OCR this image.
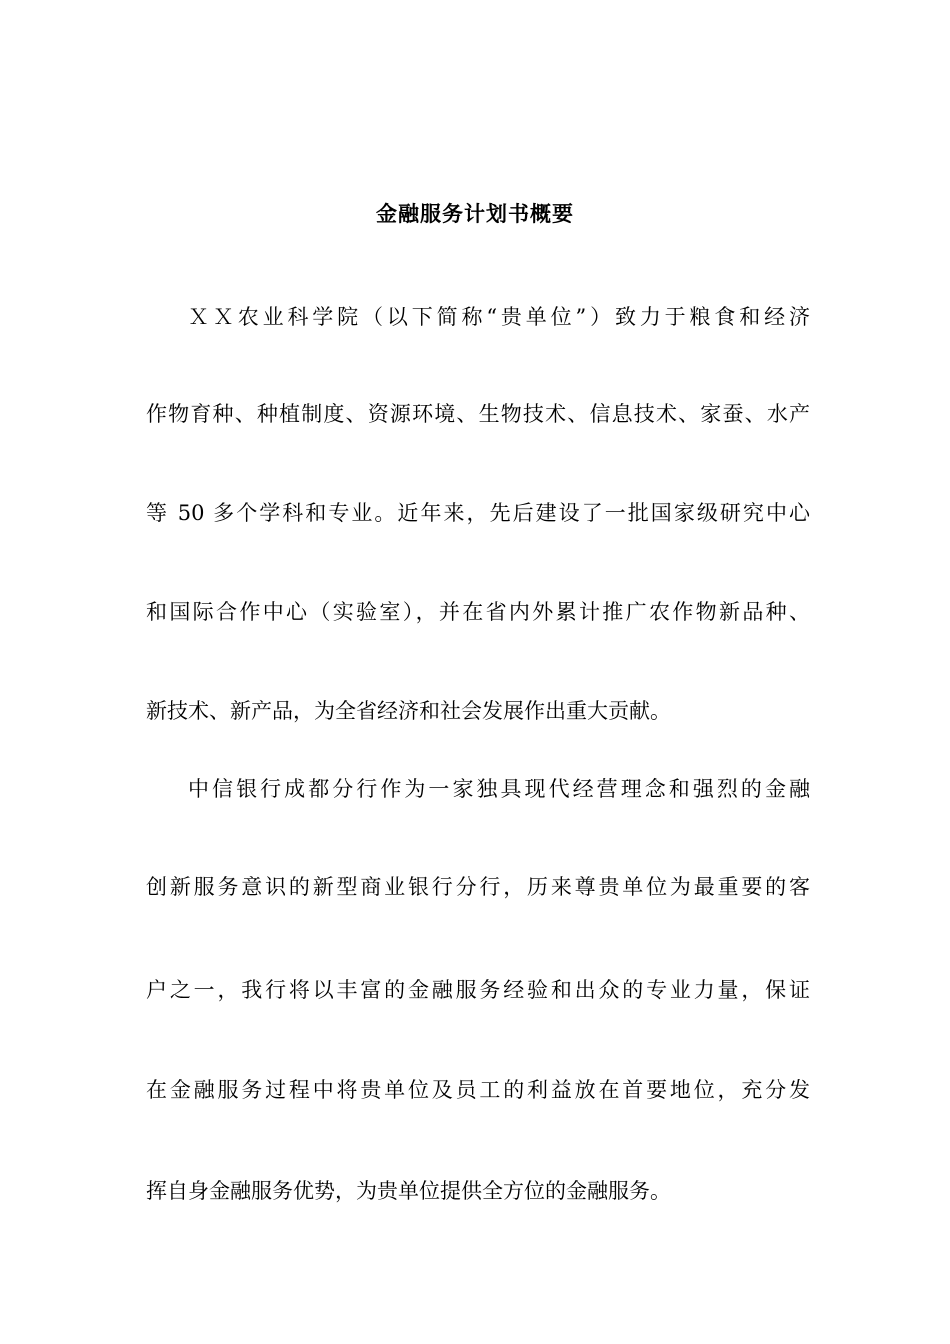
金融服务计划书概要

ＸＸ农业科学院（以下简称“贵单位”）致力于粮食和经济

作物育种、种植制度、资源环境、生物技术、信息技术、家蚕、水产

等 50 多个学科和专业。近年来，先后建设了一批国家级研究中心

和国际合作中心（实验室），并在省内外累计推广农作物新品种、

新技术、新产品，为全省经济和社会发展作出重大贡献。

中信银行成都分行作为一家独具现代经营理念和强烈的金融

创新服务意识的新型商业银行分行，历来尊贵单位为最重要的客

户之一，我行将以丰富的金融服务经验和出众的专业力量，保证

在金融服务过程中将贵单位及员工的利益放在首要地位，充分发

挥自身金融服务优势，为贵单位提供全方位的金融服务。
